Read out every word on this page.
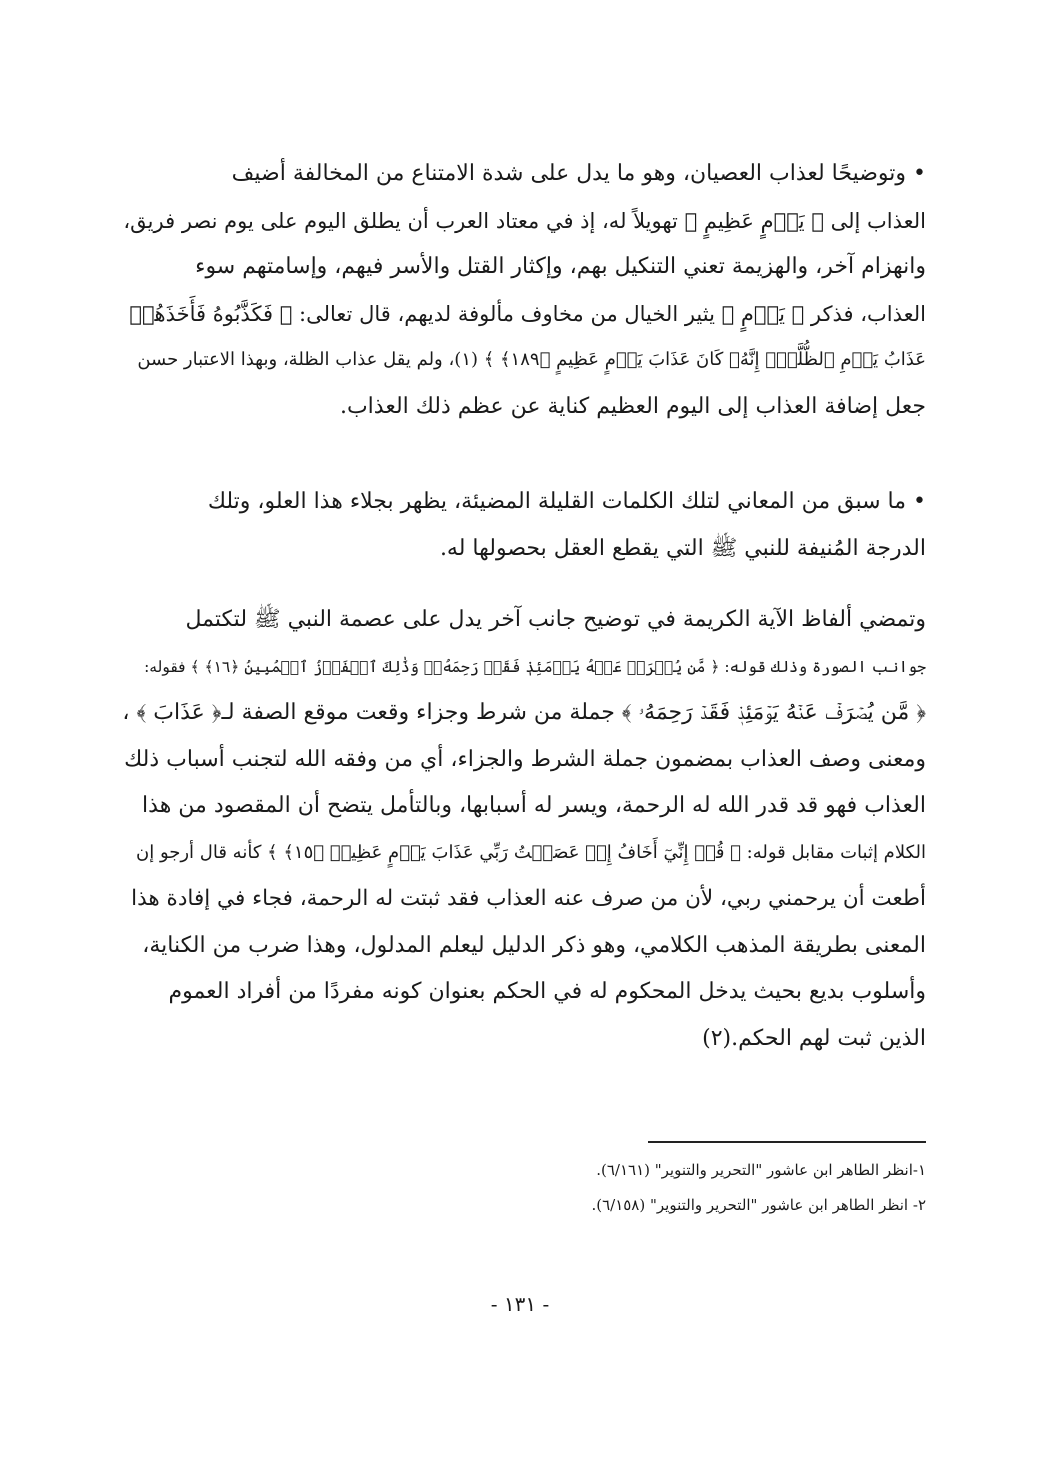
• وتوضيحًا لعذاب العصيان، وهو ما يدل على شدة الامتناع من المخالفة أضيف
العذاب إلى ﴿ يَوۡمٍ عَظِيمٍ ﴾ تهويلاً له، إذ في معتاد العرب أن يطلق اليوم على يوم نصر فريق،
وانهزام آخر، والهزيمة تعني التنكيل بهم، وإكثار القتل والأسر فيهم، وإسامتهم سوء
العذاب، فذكر ﴿ يَوۡمٍ ﴾ يثير الخيال من مخاوف مألوفة لديهم، قال تعالى: ﴿ فَكَذَّبُوهُ فَأَخَذَهُمۡ
عَذَابُ يَوۡمِ ٱلظُّلَّةِۚ إِنَّهُۥ كَانَ عَذَابَ يَوۡمٍ عَظِيمٍ ﴿١٨٩﴾ ﴾ (١)، ولم يقل عذاب الظلة، وبهذا الاعتبار حسن
جعل إضافة العذاب إلى اليوم العظيم كناية عن عظم ذلك العذاب.

• ما سبق من المعاني لتلك الكلمات القليلة المضيئة، يظهر بجلاء هذا العلو، وتلك
الدرجة المُنيفة للنبي ﷺ التي يقطع العقل بحصولها له.

وتمضي ألفاظ الآية الكريمة في توضيح جانب آخر يدل على عصمة النبي ﷺ لتكتمل
جوانب الصورة وذلك قوله: ﴿ مَّن يُصۡرَفۡ عَنۡهُ يَوۡمَئِذٖ فَقَدۡ رَحِمَهُۥۚ وَذَٰلِكَ ٱلۡفَوۡزُ ٱلۡمُبِينُ ﴿١٦﴾ ﴾ فقوله:
﴿ مَّن يُصۡرَفۡ عَنۡهُ يَوۡمَئِذٖ فَقَدۡ رَحِمَهُۥ ﴾ جملة من شرط وجزاء وقعت موقع الصفة لـ﴿ عَذَابَ ﴾ ،
ومعنى وصف العذاب بمضمون جملة الشرط والجزاء، أي من وفقه الله لتجنب أسباب ذلك
العذاب فهو قد قدر الله له الرحمة، ويسر له أسبابها، وبالتأمل يتضح أن المقصود من هذا
الكلام إثبات مقابل قوله: ﴿ قُلۡ إِنِّيٓ أَخَافُ إِنۡ عَصَيۡتُ رَبِّي عَذَابَ يَوۡمٍ عَظِيمٖ ﴿١٥﴾ ﴾ كأنه قال أرجو إن
أطعت أن يرحمني ربي، لأن من صرف عنه العذاب فقد ثبتت له الرحمة، فجاء في إفادة هذا
المعنى بطريقة المذهب الكلامي، وهو ذكر الدليل ليعلم المدلول، وهذا ضرب من الكناية،
وأسلوب بديع بحيث يدخل المحكوم له في الحكم بعنوان كونه مفردًا من أفراد العموم
الذين ثبت لهم الحكم.(٢)

١-انظر الطاهر ابن عاشور "التحرير والتنوير" (٦/١٦١).

٢- انظر الطاهر ابن عاشور "التحرير والتنوير" (٦/١٥٨).

- ١٣١ -
